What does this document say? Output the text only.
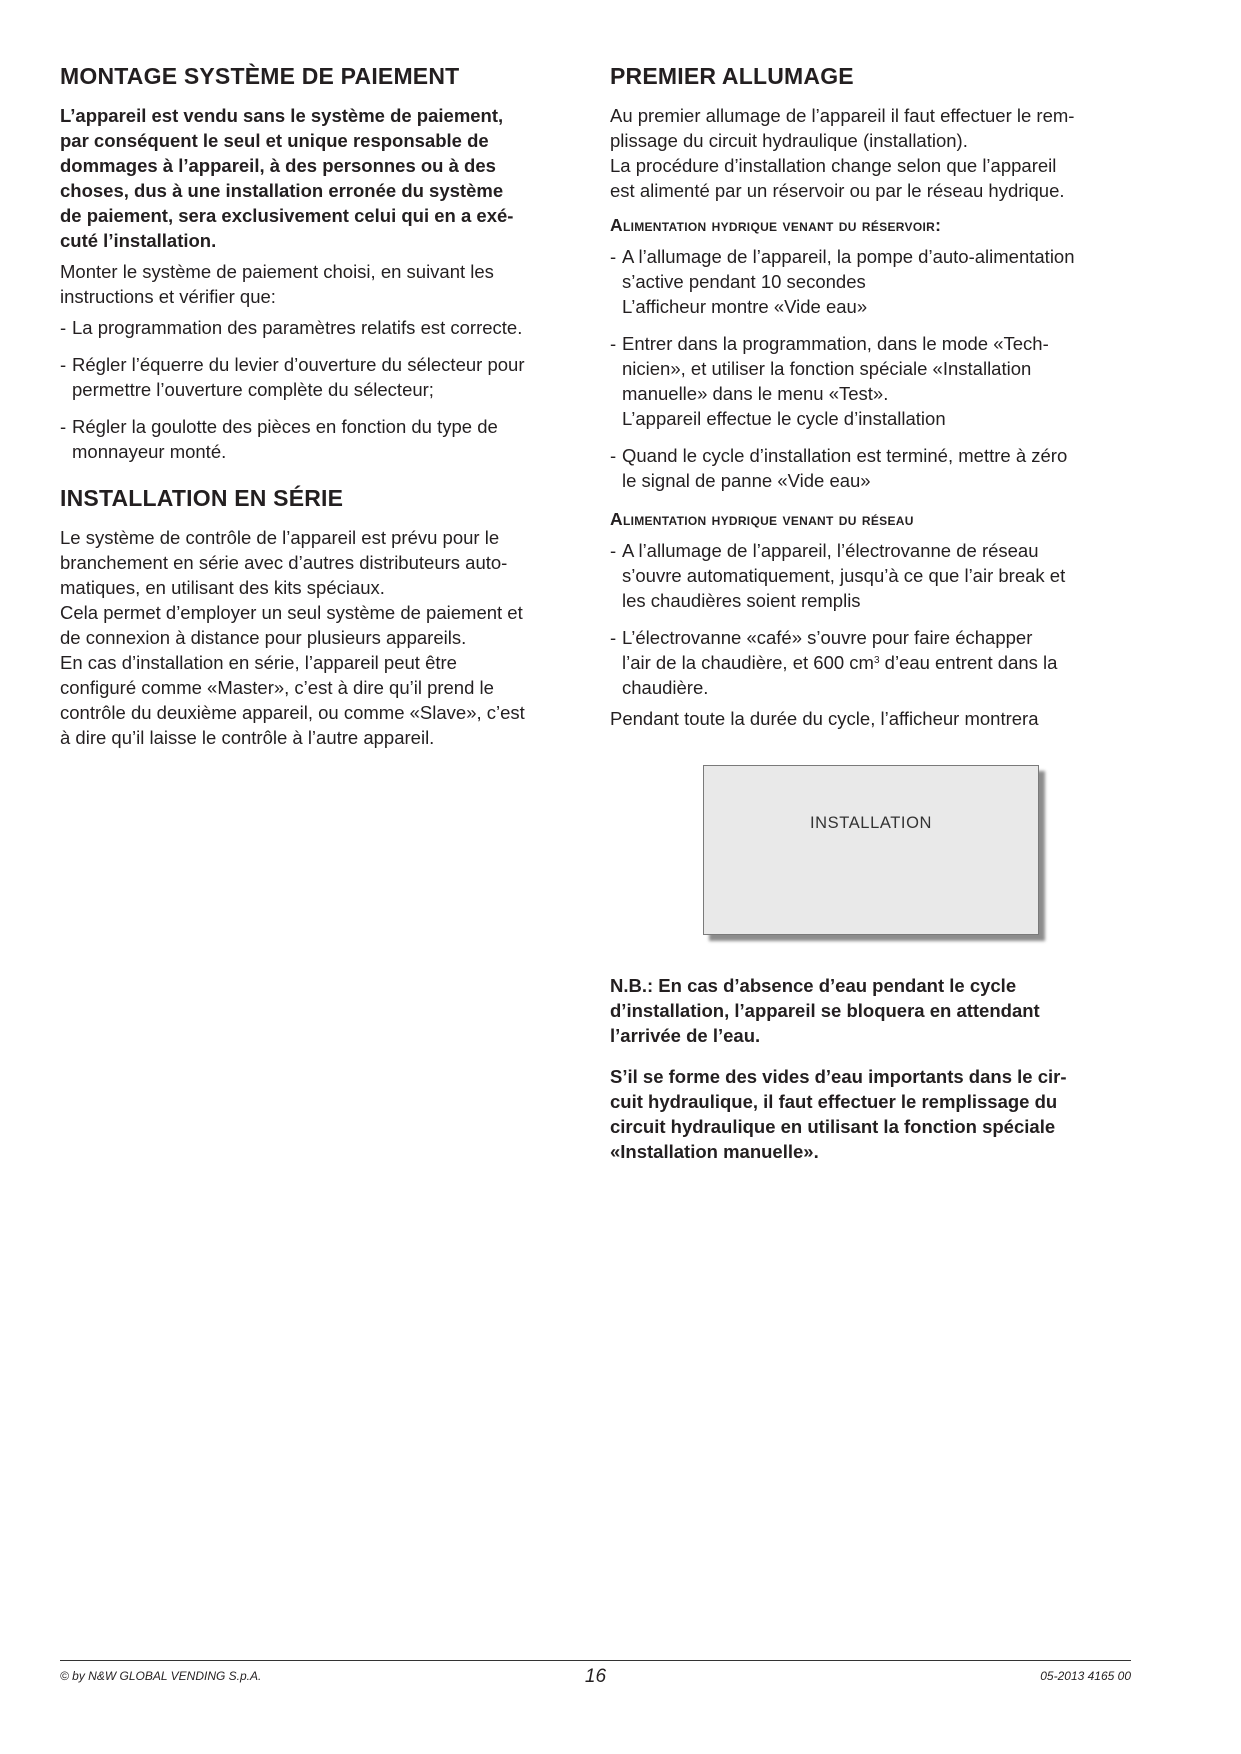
MONTAGE SYSTÈME DE PAIEMENT

L’appareil est vendu sans le système de paiement,
par conséquent le seul et unique responsable de
dommages à l’appareil, à des personnes ou à des
choses, dus à une installation erronée du système
de paiement, sera exclusivement celui qui en a exé-
cuté l’installation.

Monter le système de paiement choisi, en suivant les
instructions et vérifier que:

- La programmation des paramètres relatifs est correcte.
- Régler l’équerre du levier d’ouverture du sélecteur pour
permettre l’ouverture complète du sélecteur;
- Régler la goulotte des pièces en fonction du type de
monnayeur monté.
INSTALLATION EN SÉRIE

Le système de contrôle de l’appareil est prévu pour le
branchement en série avec d’autres distributeurs auto-
matiques, en utilisant des kits spéciaux.
Cela permet d’employer un seul système de paiement et
de connexion à distance pour plusieurs appareils.
En cas d’installation en série, l’appareil peut être
configuré comme «Master», c’est à dire qu’il prend le
contrôle du deuxième appareil, ou comme «Slave», c’est
à dire qu’il laisse le contrôle à l’autre appareil.

PREMIER ALLUMAGE

Au premier allumage de l’appareil il faut effectuer le rem-
plissage du circuit hydraulique (installation).
La procédure d’installation change selon que l’appareil
est alimenté par un réservoir ou par le réseau hydrique.

Alimentation hydrique venant du réservoir:
- A l’allumage de l’appareil, la pompe d’auto-alimentation
s’active pendant 10 secondes
L’afficheur montre «Vide eau»
- Entrer dans la programmation, dans le mode «Tech-
nicien», et utiliser la fonction spéciale «Installation
manuelle» dans le menu «Test».
L’appareil effectue le cycle d’installation
- Quand le cycle d’installation est terminé, mettre à zéro
le signal de panne «Vide eau»
Alimentation hydrique venant du réseau
- A l’allumage de l’appareil, l’électrovanne de réseau
s’ouvre automatiquement, jusqu’à ce que l’air break et
les chaudières soient remplis
- L’électrovanne «café» s’ouvre pour faire échapper
l’air de la chaudière, et 600 $cm^3$ d’eau entrent dans la
chaudière.

Pendant toute la durée du cycle, l’afficheur montrera

INSTALLATION

N.B.: En cas d’absence d’eau pendant le cycle
d’installation, l’appareil se bloquera en attendant
l’arrivée de l’eau.

S’il se forme des vides d’eau importants dans le cir-
cuit hydraulique, il faut effectuer le remplissage du
circuit hydraulique en utilisant la fonction spéciale
«Installation manuelle».

© by N&W GLOBAL VENDING S.p.A.	16	05-2013 4165 00
